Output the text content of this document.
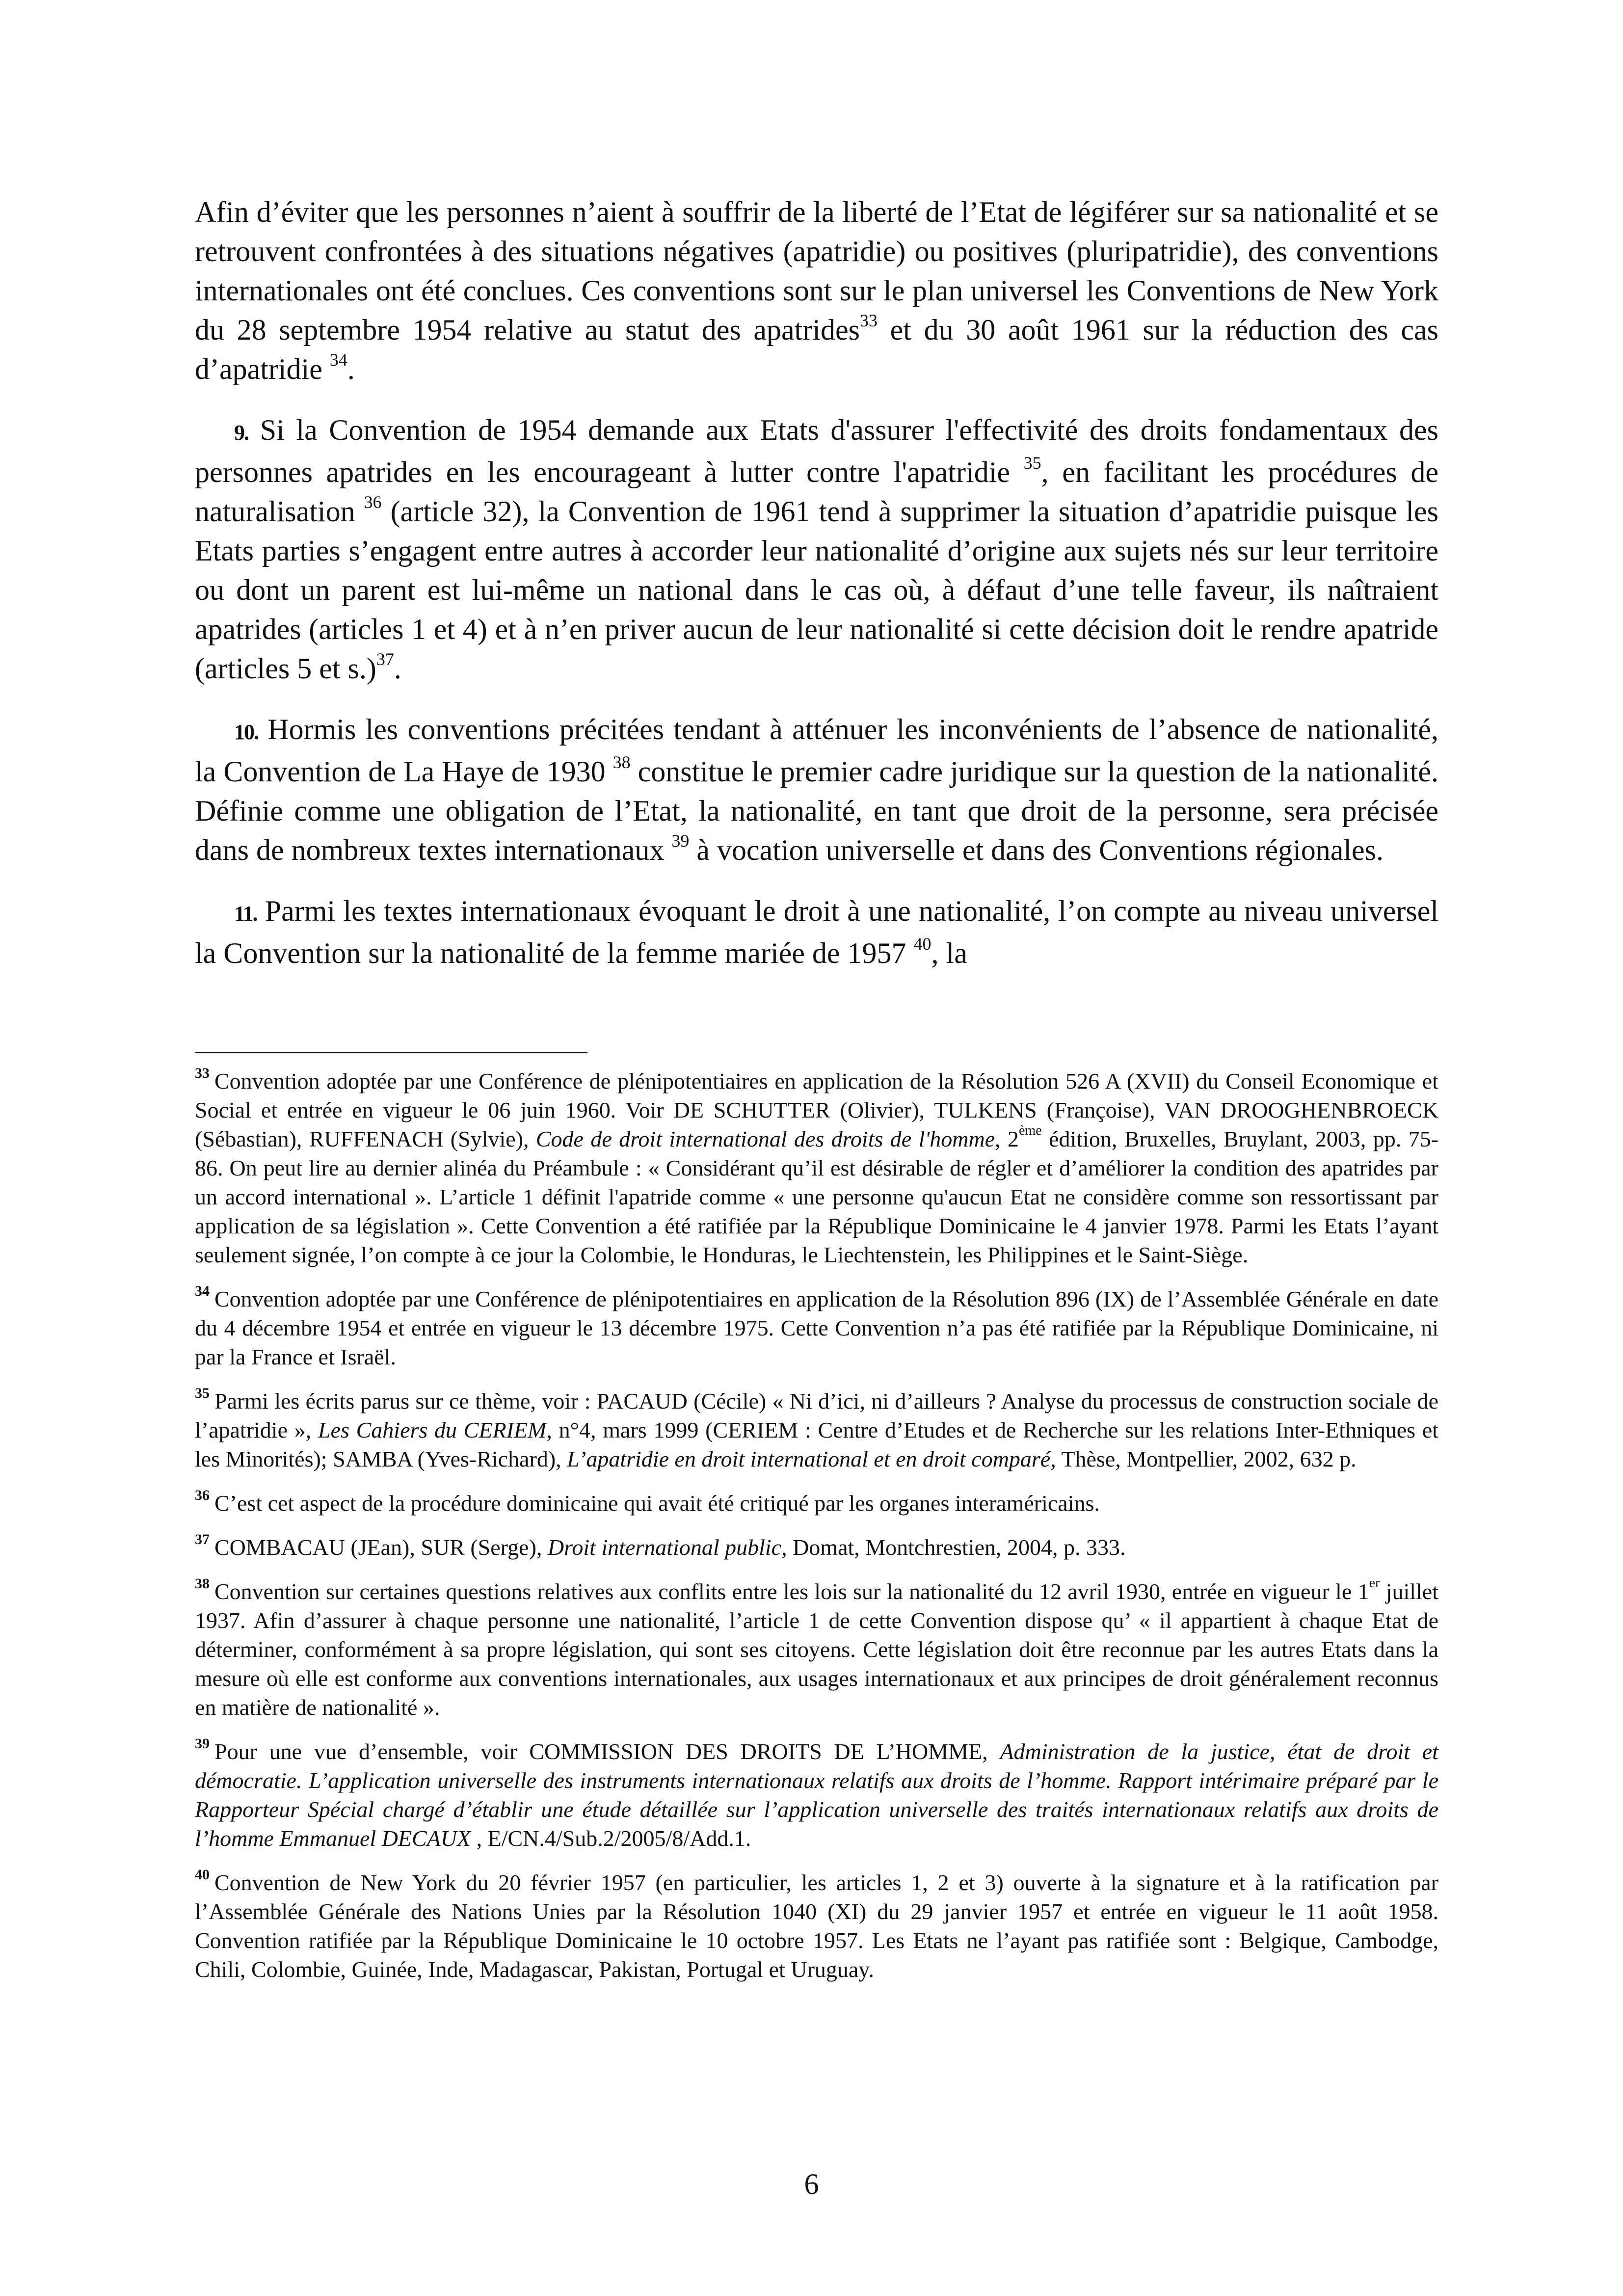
Afin d’éviter que les personnes n’aient à souffrir de la liberté de l’Etat de légiférer sur sa nationalité et se retrouvent confrontées à des situations négatives (apatridie) ou positives (pluripatridie), des conventions internationales ont été conclues. Ces conventions sont sur le plan universel les Conventions de New York du 28 septembre 1954 relative au statut des apatrides$^{33}$ et du 30 août 1961 sur la réduction des cas d’apatridie $^{34}$.

9. Si la Convention de 1954 demande aux Etats d'assurer l'effectivité des droits fondamentaux des personnes apatrides en les encourageant à lutter contre l'apatridie $^{35}$, en facilitant les procédures de naturalisation $^{36}$ (article 32), la Convention de 1961 tend à supprimer la situation d’apatridie puisque les Etats parties s’engagent entre autres à accorder leur nationalité d’origine aux sujets nés sur leur territoire ou dont un parent est lui-même un national dans le cas où, à défaut d’une telle faveur, ils naîtraient apatrides (articles 1 et 4) et à n’en priver aucun de leur nationalité si cette décision doit le rendre apatride (articles 5 et s.)$^{37}$.

10. Hormis les conventions précitées tendant à atténuer les inconvénients de l’absence de nationalité, la Convention de La Haye de 1930 $^{38}$ constitue le premier cadre juridique sur la question de la nationalité. Définie comme une obligation de l’Etat, la nationalité, en tant que droit de la personne, sera précisée dans de nombreux textes internationaux $^{39}$ à vocation universelle et dans des Conventions régionales.

11. Parmi les textes internationaux évoquant le droit à une nationalité, l’on compte au niveau universel la Convention sur la nationalité de la femme mariée de 1957 $^{40}$, la

$^{33}$ Convention adoptée par une Conférence de plénipotentiaires en application de la Résolution 526 A (XVII) du Conseil Economique et Social et entrée en vigueur le 06 juin 1960. Voir DE SCHUTTER (Olivier), TULKENS (Françoise), VAN DROOGHENBROECK (Sébastian), RUFFENACH (Sylvie), Code de droit international des droits de l'homme, 2ème édition, Bruxelles, Bruylant, 2003, pp. 75-86. On peut lire au dernier alinéa du Préambule : « Considérant qu’il est désirable de régler et d’améliorer la condition des apatrides par un accord international ». L’article 1 définit l'apatride comme « une personne qu'aucun Etat ne considère comme son ressortissant par application de sa législation ». Cette Convention a été ratifiée par la République Dominicaine le 4 janvier 1978. Parmi les Etats l’ayant seulement signée, l’on compte à ce jour la Colombie, le Honduras, le Liechtenstein, les Philippines et le Saint-Siège.

$^{34}$ Convention adoptée par une Conférence de plénipotentiaires en application de la Résolution 896 (IX) de l’Assemblée Générale en date du 4 décembre 1954 et entrée en vigueur le 13 décembre 1975. Cette Convention n’a pas été ratifiée par la République Dominicaine, ni par la France et Israël.

$^{35}$ Parmi les écrits parus sur ce thème, voir : PACAUD (Cécile) « Ni d’ici, ni d’ailleurs ? Analyse du processus de construction sociale de l’apatridie », Les Cahiers du CERIEM, n°4, mars 1999 (CERIEM : Centre d’Etudes et de Recherche sur les relations Inter-Ethniques et les Minorités); SAMBA (Yves-Richard), L’apatridie en droit international et en droit comparé, Thèse, Montpellier, 2002, 632 p.

$^{36}$ C’est cet aspect de la procédure dominicaine qui avait été critiqué par les organes interaméricains.

$^{37}$ COMBACAU (JEan), SUR (Serge), Droit international public, Domat, Montchrestien, 2004, p. 333.

$^{38}$ Convention sur certaines questions relatives aux conflits entre les lois sur la nationalité du 12 avril 1930, entrée en vigueur le 1er juillet 1937. Afin d’assurer à chaque personne une nationalité, l’article 1 de cette Convention dispose qu’ « il appartient à chaque Etat de déterminer, conformément à sa propre législation, qui sont ses citoyens. Cette législation doit être reconnue par les autres Etats dans la mesure où elle est conforme aux conventions internationales, aux usages internationaux et aux principes de droit généralement reconnus en matière de nationalité ».

$^{39}$ Pour une vue d’ensemble, voir COMMISSION DES DROITS DE L’HOMME, Administration de la justice, état de droit et démocratie. L’application universelle des instruments internationaux relatifs aux droits de l’homme. Rapport intérimaire préparé par le Rapporteur Spécial chargé d’établir une étude détaillée sur l’application universelle des traités internationaux relatifs aux droits de l’homme Emmanuel DECAUX , E/CN.4/Sub.2/2005/8/Add.1.

$^{40}$ Convention de New York du 20 février 1957 (en particulier, les articles 1, 2 et 3) ouverte à la signature et à la ratification par l’Assemblée Générale des Nations Unies par la Résolution 1040 (XI) du 29 janvier 1957 et entrée en vigueur le 11 août 1958. Convention ratifiée par la République Dominicaine le 10 octobre 1957. Les Etats ne l’ayant pas ratifiée sont : Belgique, Cambodge, Chili, Colombie, Guinée, Inde, Madagascar, Pakistan, Portugal et Uruguay.

6
